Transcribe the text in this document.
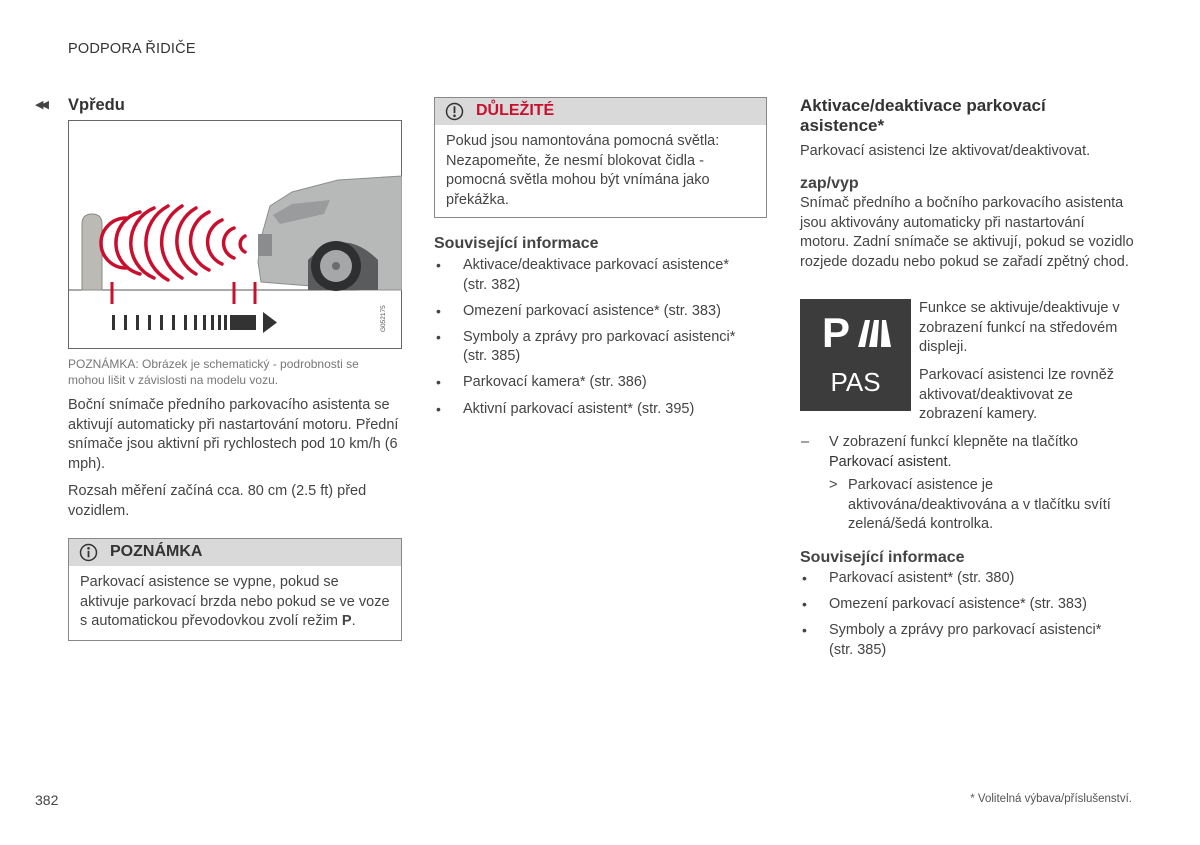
PODPORA ŘIDIČE
◀◀ Vpředu
G052175

POZNÁMKA: Obrázek je schematický - podrobnosti se mohou lišit v závislosti na modelu vozu.

Boční snímače předního parkovacího asistenta se aktivují automaticky při nastartování motoru. Přední snímače jsou aktivní při rychlostech pod 10 km/h (6 mph).

Rozsah měření začíná cca. 80 cm (2.5 ft) před vozidlem.

POZNÁMKA
Parkovací asistence se vypne, pokud se aktivuje parkovací brzda nebo pokud se ve voze s automatickou převodovkou zvolí režim P.
DŮLEŽITÉ
Pokud jsou namontována pomocná světla: Nezapomeňte, že nesmí blokovat čidla - pomocná světla mohou být vnímána jako překážka.
Související informace
• Aktivace/deaktivace parkovací asistence* (str. 382)
• Omezení parkovací asistence* (str. 383)
• Symboly a zprávy pro parkovací asistenci* (str. 385)
• Parkovací kamera* (str. 386)
• Aktivní parkovací asistent* (str. 395)
Aktivace/deaktivace parkovací asistence*

Parkovací asistenci lze aktivovat/deaktivovat.

zap/vyp

Snímač předního a bočního parkovacího asistenta jsou aktivovány automaticky při nastartování motoru. Zadní snímače se aktivují, pokud se vozidlo rozjede dozadu nebo pokud se zařadí zpětný chod.

P
PAS

Funkce se aktivuje/deaktivuje v zobrazení funkcí na středovém displeji.

Parkovací asistenci lze rovněž aktivovat/deaktivovat ze zobrazení kamery.

– V zobrazení funkcí klepněte na tlačítko
Parkovací asistent.

> Parkovací asistence je aktivována/deaktivována a v tlačítku svítí zelená/šedá kontrolka.

Související informace
• Parkovací asistent* (str. 380)
• Omezení parkovací asistence* (str. 383)
• Symboly a zprávy pro parkovací asistenci* (str. 385)
382	* Volitelná výbava/příslušenství.
